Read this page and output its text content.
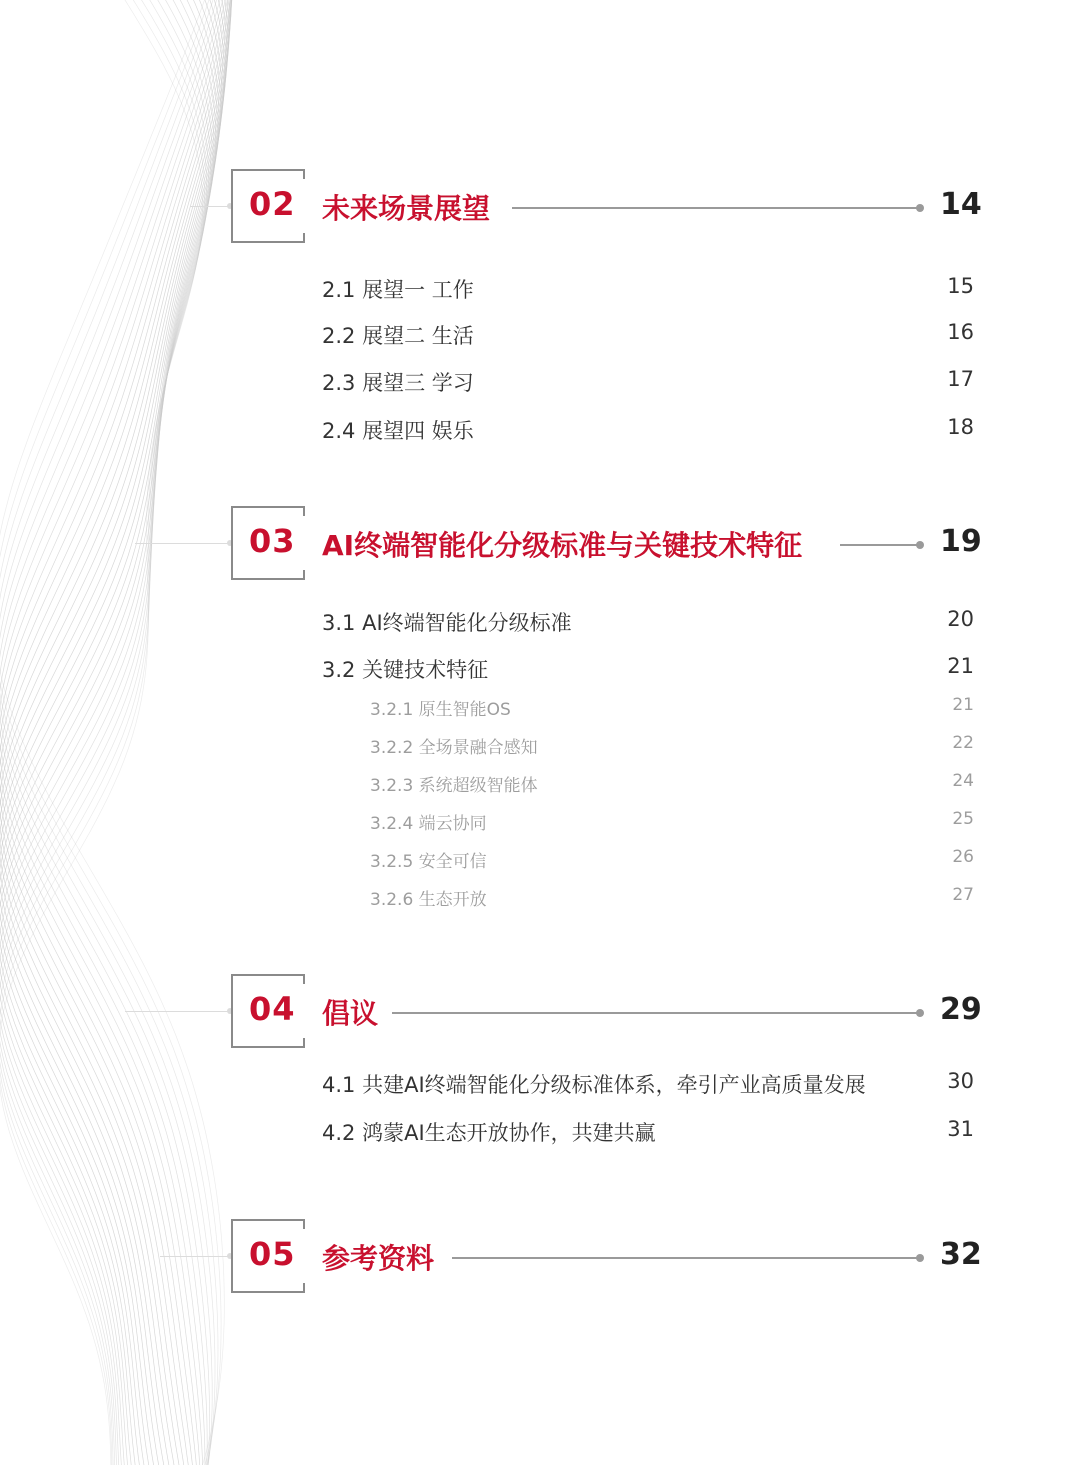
02 未来场景展望	14
2.1 展望一 工作	15
2.2 展望二 生活	16
2.3 展望三 学习	17
2.4 展望四 娱乐	18
03 AI终端智能化分级标准与关键技术特征	19
3.1 AI终端智能化分级标准	20
3.2 关键技术特征	21
3.2.1 原生智能OS	21
3.2.2 全场景融合感知	22
3.2.3 系统超级智能体	24
3.2.4 端云协同	25
3.2.5 安全可信	26
3.2.6 生态开放	27
04 倡议	29
4.1 共建AI终端智能化分级标准体系，牵引产业高质量发展	30
4.2 鸿蒙AI生态开放协作，共建共赢	31
05 参考资料	32
